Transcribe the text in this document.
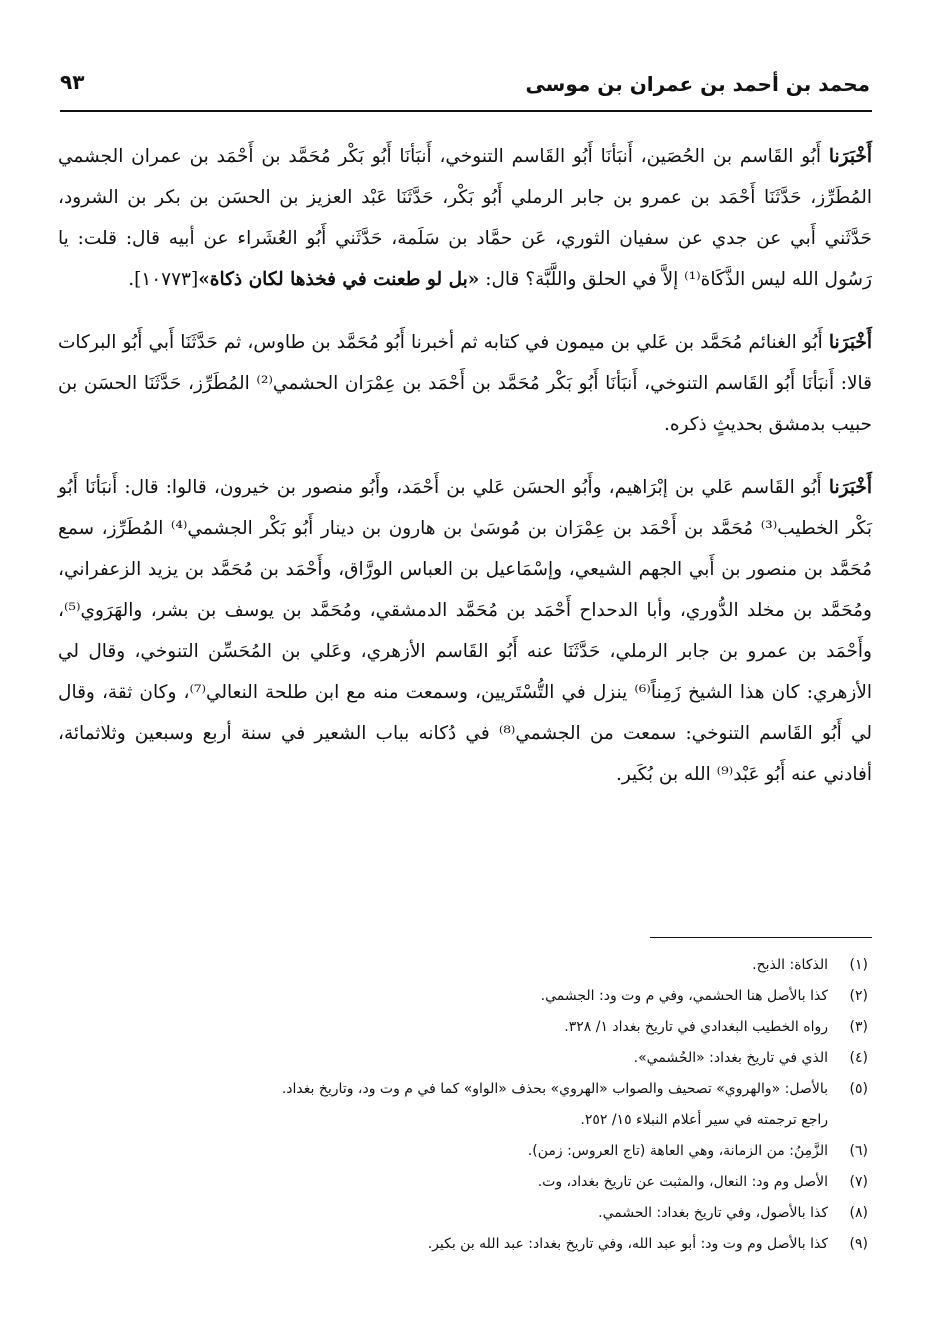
محمد بن أحمد بن عمران بن موسى
٩٣

أَخْبَرَنا أَبُو القَاسم بن الحُصَين، أَنبَأنَا أَبُو القَاسم التنوخي، أَنبَأنَا أَبُو بَكْر مُحَمَّد بن أَحْمَد بن عمران الجشمي المُطَرِّز، حَدَّثَنَا أَحْمَد بن عمرو بن جابر الرملي أَبُو بَكْر، حَدَّثَنَا عَبْد العزيز بن الحسَن بن بكر بن الشرود، حَدَّثَني أَبي عن جدي عن سفيان الثوري، عَن حمَّاد بن سَلَمة، حَدَّثَني أَبُو العُشَراء عن أبيه قال: قلت: يا رَسُول الله ليس الذَّكَاة⁽¹⁾ إلاَّ في الحلق واللَّبَّة؟ قال: «بل لو طعنت في فخذها لكان ذكاة»[١٠٧٧٣].

أَخْبَرَنا أَبُو الغنائم مُحَمَّد بن عَلي بن ميمون في كتابه ثم أخبرنا أَبُو مُحَمَّد بن طاوس، ثم حَدَّثَنَا أَبي أَبُو البركات قالا: أَنبَأنَا أَبُو القَاسم التنوخي، أَنبَأنَا أَبُو بَكْر مُحَمَّد بن أَحْمَد بن عِمْرَان الحشمي⁽²⁾ المُطَرِّز، حَدَّثَنَا الحسَن بن حبيب بدمشق بحديثٍ ذكره.

أَخْبَرَنا أَبُو القَاسم عَلي بن إبْرَاهيم، وأَبُو الحسَن عَلي بن أَحْمَد، وأَبُو منصور بن خيرون، قالوا: قال: أَنبَأنَا أَبُو بَكْر الخطيب⁽³⁾ مُحَمَّد بن أَحْمَد بن عِمْرَان بن مُوسَىٰ بن هارون بن دينار أَبُو بَكْر الجشمي⁽⁴⁾ المُطَرِّز، سمع مُحَمَّد بن منصور بن أَبي الجهم الشيعي، وإسْمَاعيل بن العباس الورَّاق، وأَحْمَد بن مُحَمَّد بن يزيد الزعفراني، ومُحَمَّد بن مخلد الدُّوري، وأبا الدحداح أَحْمَد بن مُحَمَّد الدمشقي، ومُحَمَّد بن يوسف بن بشر، والهَرَوي⁽⁵⁾، وأَحْمَد بن عمرو بن جابر الرملي، حَدَّثَنَا عنه أَبُو القَاسم الأزهري، وعَلي بن المُحَسِّن التنوخي، وقال لي الأزهري: كان هذا الشيخ زَمِناً⁽⁶⁾ ينزل في التُّسْتَريين، وسمعت منه مع ابن طلحة النعالي⁽⁷⁾، وكان ثقة، وقال لي أَبُو القَاسم التنوخي: سمعت من الجشمي⁽⁸⁾ في دُكانه بباب الشعير في سنة أربع وسبعين وثلاثمائة، أفادني عنه أَبُو عَبْد⁽⁹⁾ الله بن بُكَير.

(١)
الذكاة: الذبح.
(٢)
كذا بالأصل هنا الحشمي، وفي م وت ود: الجشمي.
(٣)
رواه الخطيب البغدادي في تاريخ بغداد ١/ ٣٢٨.
(٤)
الذي في تاريخ بغداد: «الحُشمي».
(٥)
بالأصل: «والهروي» تصحيف والصواب «الهروي» بحذف «الواو» كما في م وت ود، وتاريخ بغداد.
راجع ترجمته في سير أعلام النبلاء ١٥/ ٢٥٢.
(٦)
الزَّمِنُ: من الزمانة، وهي العاهة (تاج العروس: زمن).
(٧)
الأصل وم ود: النعال، والمثبت عن تاريخ بغداد، وت.
(٨)
كذا بالأصول، وفي تاريخ بغداد: الحشمي.
(٩)
كذا بالأصل وم وت ود: أبو عبد الله، وفي تاريخ بغداد: عبد الله بن بكير.
